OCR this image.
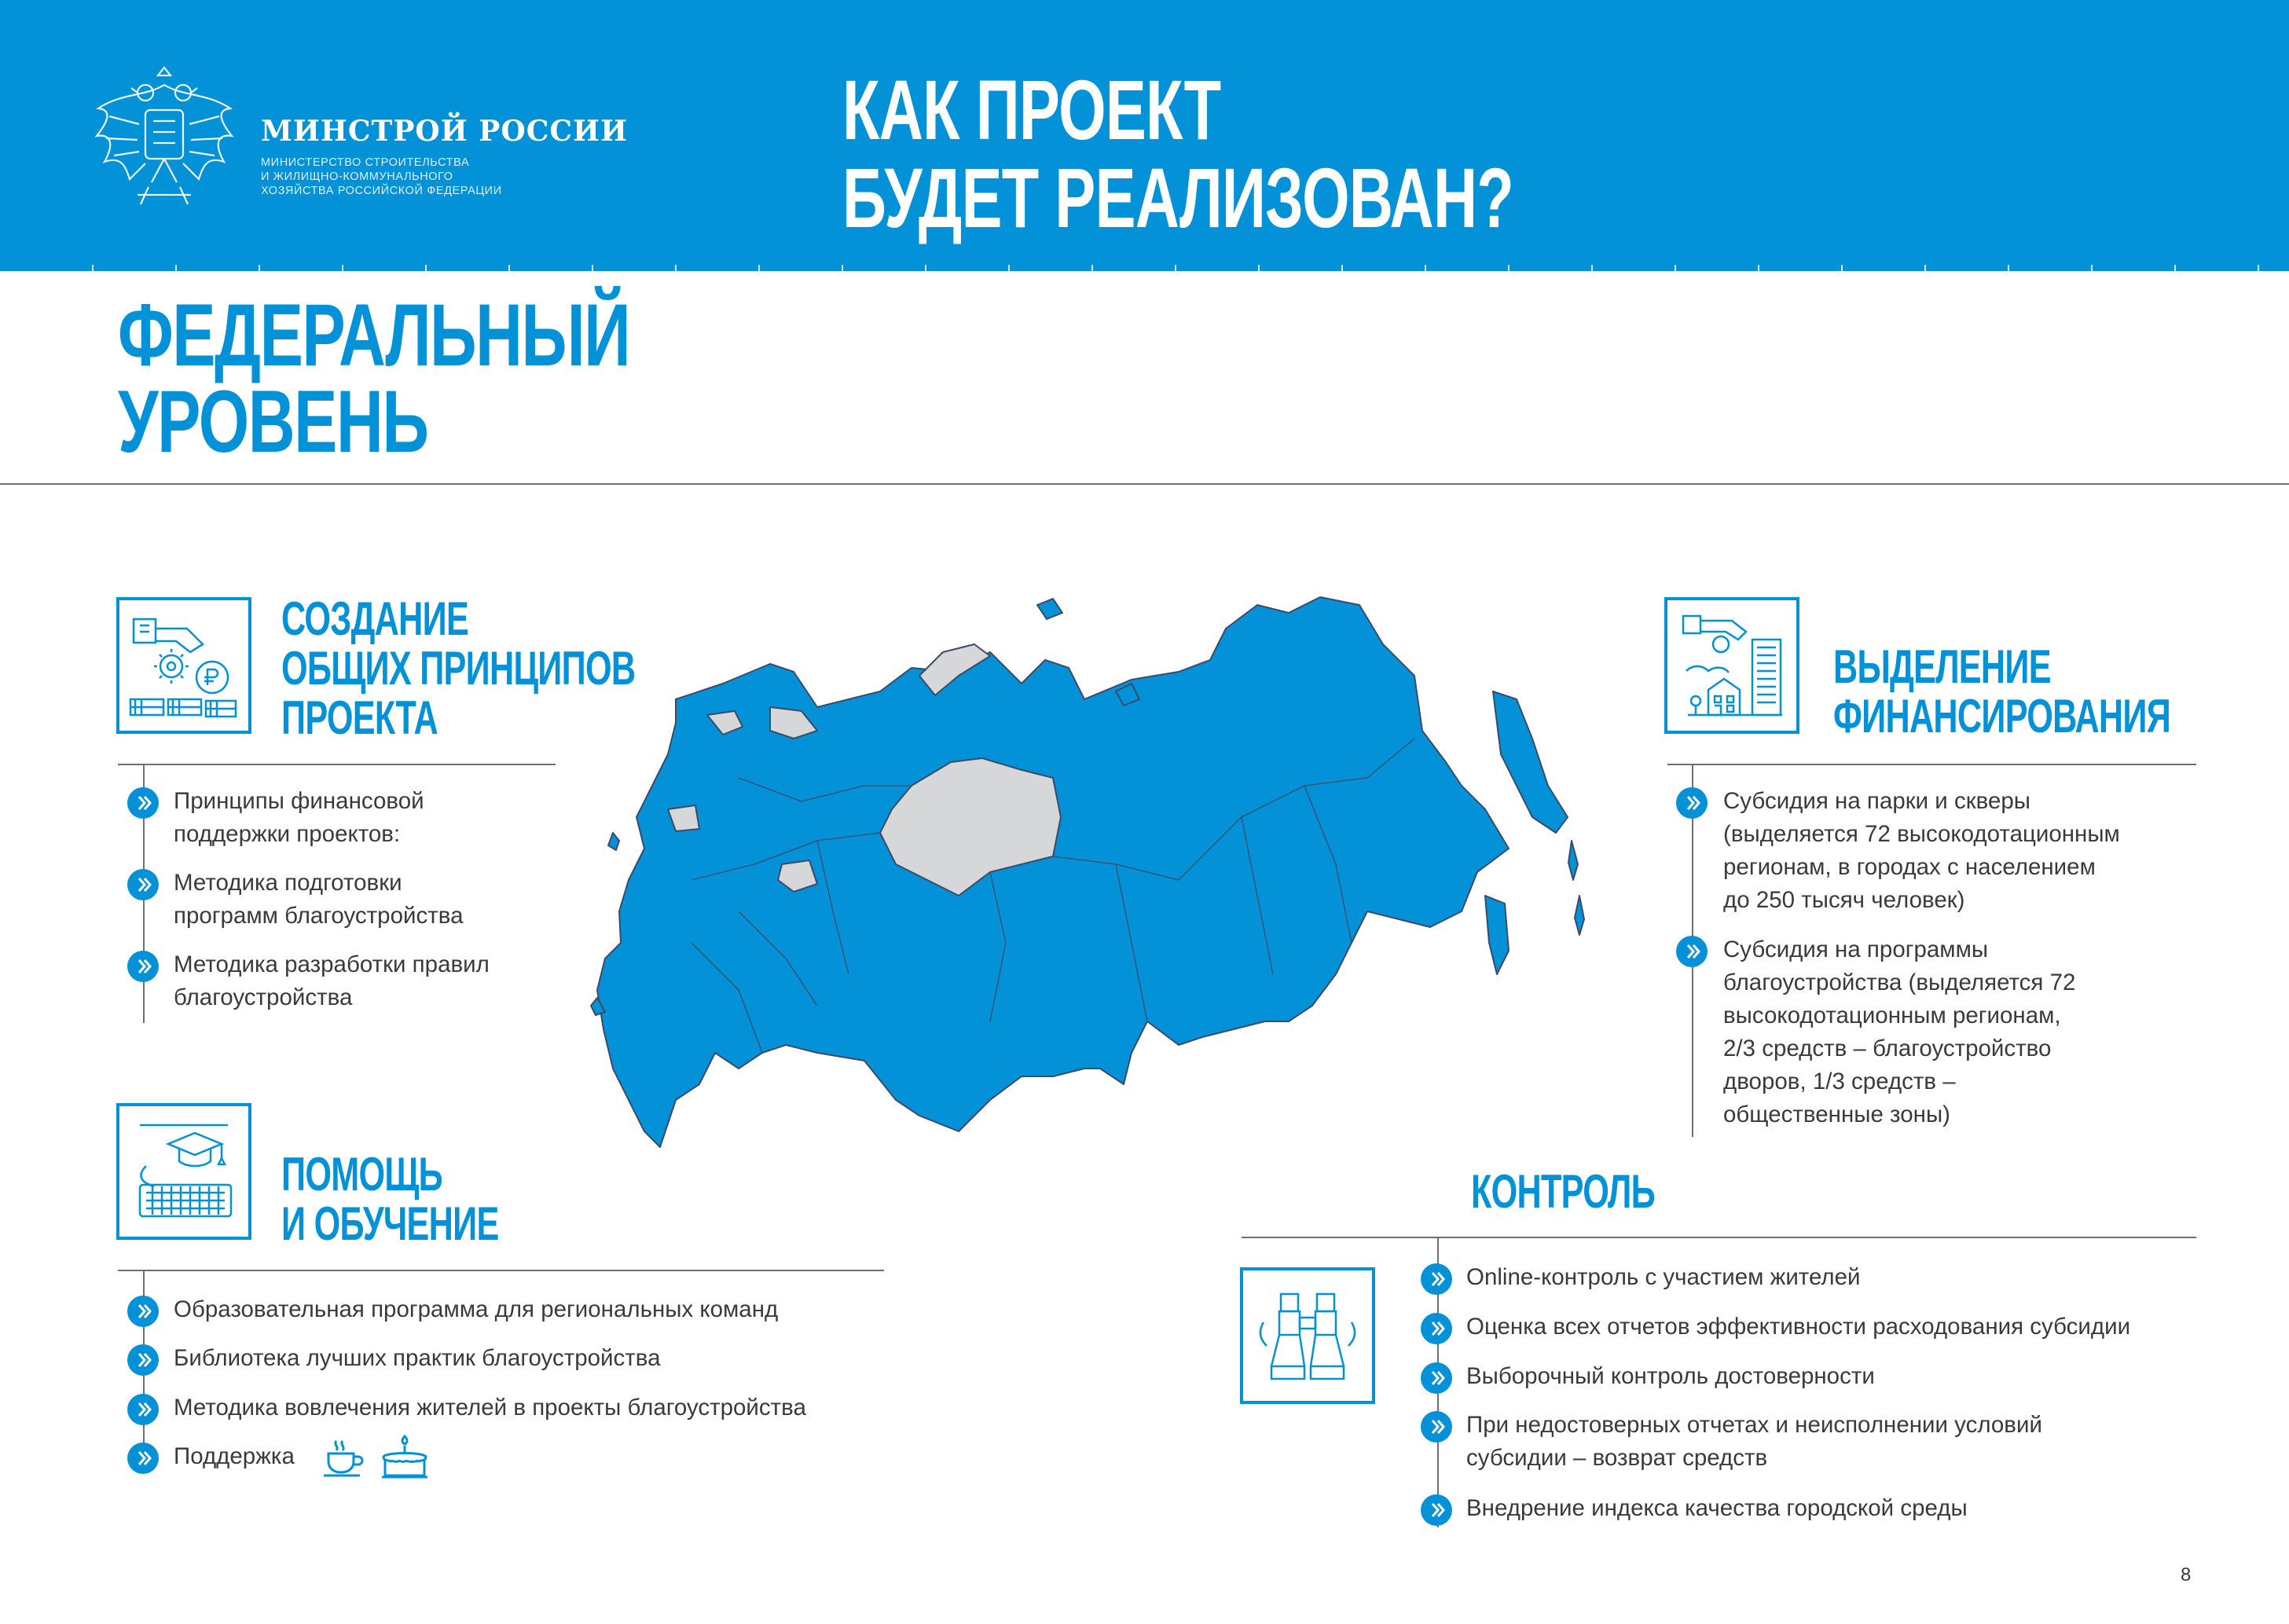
МИНСТРОЙ РОССИИ
МИНИСТЕРСТВО СТРОИТЕЛЬСТВА
И ЖИЛИЩНО-КОММУНАЛЬНОГО
ХОЗЯЙСТВА РОССИЙСКОЙ ФЕДЕРАЦИИ
КАК ПРОЕКТ
БУДЕТ РЕАЛИЗОВАН?
ФЕДЕРАЛЬНЫЙ
УРОВЕНЬ
СОЗДАНИЕ
ОБЩИХ ПРИНЦИПОВ
ПРОЕКТА
Принципы финансовой
поддержки проектов:
Методика подготовки
программ благоустройства
Методика разработки правил
благоустройства
ПОМОЩЬ
И ОБУЧЕНИЕ
Образовательная программа для региональных команд
Библиотека лучших практик благоустройства
Методика вовлечения жителей в проекты благоустройства
Поддержка
ВЫДЕЛЕНИЕ
ФИНАНСИРОВАНИЯ
Субсидия на парки и скверы
(выделяется 72 высокодотационным
регионам, в городах с населением
до 250 тысяч человек)
Субсидия на программы
благоустройства (выделяется 72
высокодотационным регионам,
2/3 средств – благоустройство
дворов, 1/3 средств –
общественные зоны)
КОНТРОЛЬ
Online-контроль с участием жителей
Оценка всех отчетов эффективности расходования субсидии
Выборочный контроль достоверности
При недостоверных отчетах и неисполнении условий
субсидии – возврат средств
Внедрение индекса качества городской среды
8
